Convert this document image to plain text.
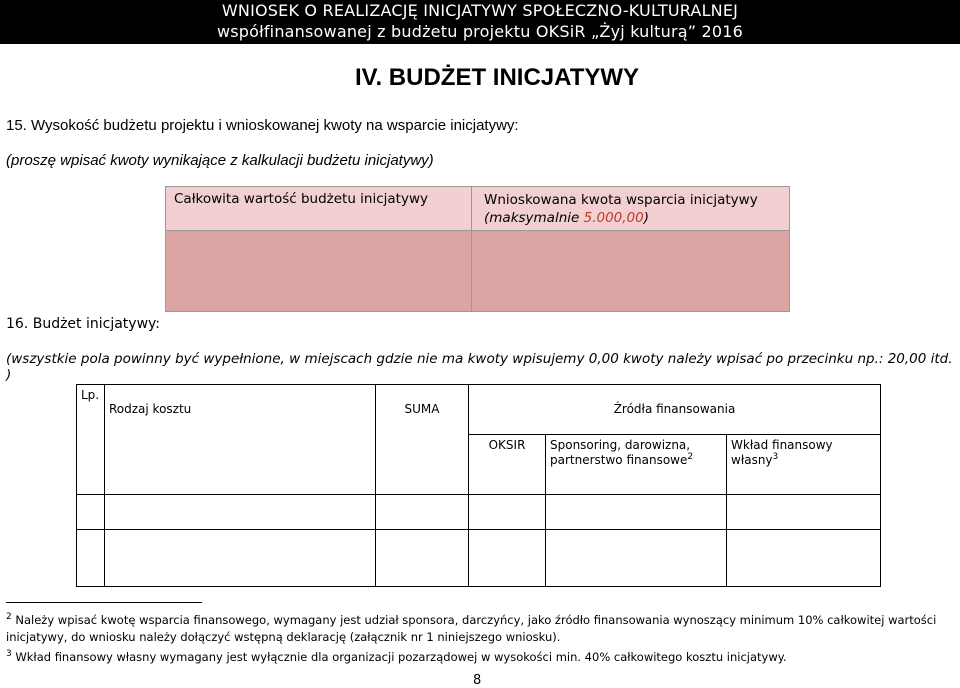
WNIOSEK O REALIZACJĘ INICJATYWY SPOŁECZNO-KULTURALNEJ
współfinansowanej z budżetu projektu OKSiR „Żyj kulturą” 2016
IV. BUDŻET INICJATYWY
15. Wysokość budżetu projektu i wnioskowanej kwoty na wsparcie inicjatywy:
(proszę wpisać kwoty wynikające z kalkulacji budżetu inicjatywy)
Całkowita wartość budżetu inicjatywy	Wnioskowana kwota wsparcia inicjatywy
(maksymalnie 5.000,00)
16. Budżet inicjatywy:
(wszystkie pola powinny być wypełnione, w miejscach gdzie nie ma kwoty wpisujemy 0,00 kwoty należy wpisać po przecinku np.: 20,00 itd. )
Lp.	Rodzaj kosztu	SUMA	Źródła finansowania		

			OKSIR	Sponsoring, darowizna, partnerstwo finansowe$^2$	Wkład finansowy własny$^3$

$^2$ Należy wpisać kwotę wsparcia finansowego, wymagany jest udział sponsora, darczyńcy, jako źródło finansowania wynoszący minimum 10% całkowitej wartości inicjatywy, do wniosku należy dołączyć wstępną deklarację (załącznik nr 1 niniejszego wniosku).
$^3$ Wkład finansowy własny wymagany jest wyłącznie dla organizacji pozarządowej w wysokości min. 40% całkowitego kosztu inicjatywy.
8
